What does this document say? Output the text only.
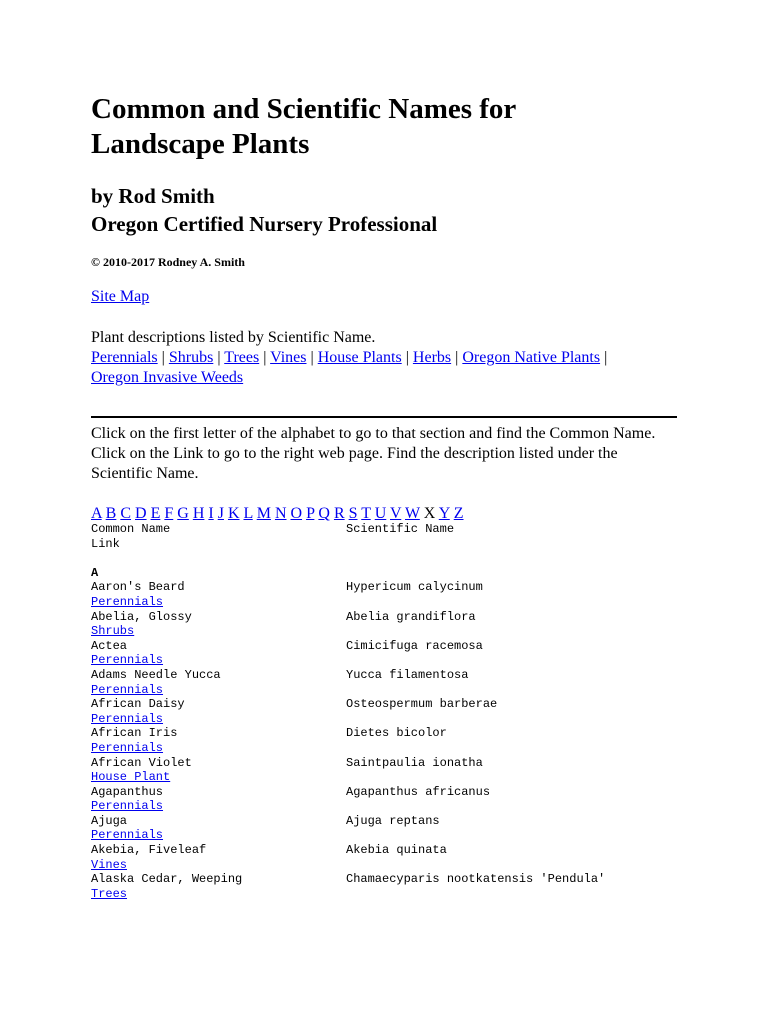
Common and Scientific Names for Landscape Plants
by Rod Smith
Oregon Certified Nursery Professional

© 2010-2017 Rodney A. Smith

Site Map
Plant descriptions listed by Scientific Name.
Perennials | Shrubs | Trees | Vines | House Plants | Herbs | Oregon Native Plants | Oregon Invasive Weeds
Click on the first letter of the alphabet to go to that section and find the Common Name.
Click on the Link to go to the right web page. Find the description listed under the Scientific Name.
A B C D E F G H I J K L M N O P Q R S T U V W X Y Z
Common Name	Scientific Name
Link
A
Aaron's Beard	Hypericum calycinum
Perennials
Abelia, Glossy	Abelia grandiflora
Shrubs
Actea	Cimicifuga racemosa
Perennials
Adams Needle Yucca	Yucca filamentosa
Perennials
African Daisy	Osteospermum barberae
Perennials
African Iris	Dietes bicolor
Perennials
African Violet	Saintpaulia ionatha
House Plant
Agapanthus	Agapanthus africanus
Perennials
Ajuga	Ajuga reptans
Perennials
Akebia, Fiveleaf	Akebia quinata
Vines
Alaska Cedar, Weeping	Chamaecyparis nootkatensis 'Pendula'
Trees
